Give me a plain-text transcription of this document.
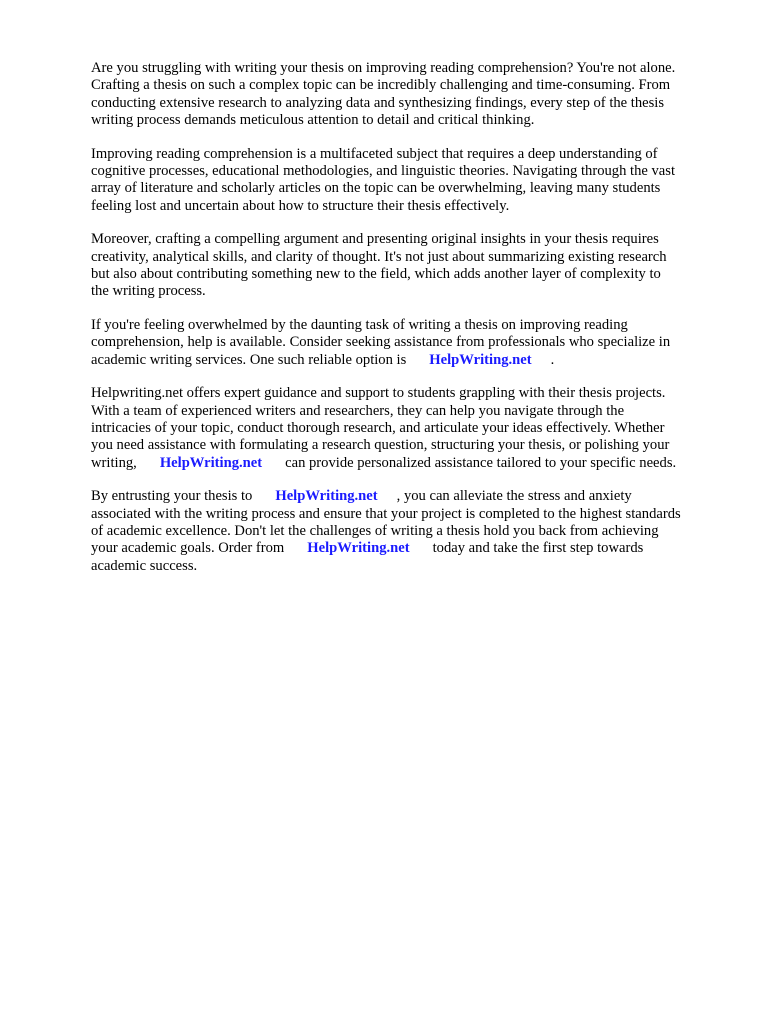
Are you struggling with writing your thesis on improving reading comprehension? You're not alone.
Crafting a thesis on such a complex topic can be incredibly challenging and time-consuming. From
conducting extensive research to analyzing data and synthesizing findings, every step of the thesis
writing process demands meticulous attention to detail and critical thinking.

Improving reading comprehension is a multifaceted subject that requires a deep understanding of
cognitive processes, educational methodologies, and linguistic theories. Navigating through the vast
array of literature and scholarly articles on the topic can be overwhelming, leaving many students
feeling lost and uncertain about how to structure their thesis effectively.

Moreover, crafting a compelling argument and presenting original insights in your thesis requires
creativity, analytical skills, and clarity of thought. It's not just about summarizing existing research
but also about contributing something new to the field, which adds another layer of complexity to
the writing process.

If you're feeling overwhelmed by the daunting task of writing a thesis on improving reading
comprehension, help is available. Consider seeking assistance from professionals who specialize in
academic writing services. One such reliable option is HelpWriting.net .

Helpwriting.net offers expert guidance and support to students grappling with their thesis projects.
With a team of experienced writers and researchers, they can help you navigate through the
intricacies of your topic, conduct thorough research, and articulate your ideas effectively. Whether
you need assistance with formulating a research question, structuring your thesis, or polishing your
writing, HelpWriting.net can provide personalized assistance tailored to your specific needs.

By entrusting your thesis to HelpWriting.net , you can alleviate the stress and anxiety
associated with the writing process and ensure that your project is completed to the highest standards
of academic excellence. Don't let the challenges of writing a thesis hold you back from achieving
your academic goals. Order from HelpWriting.net today and take the first step towards
academic success.
